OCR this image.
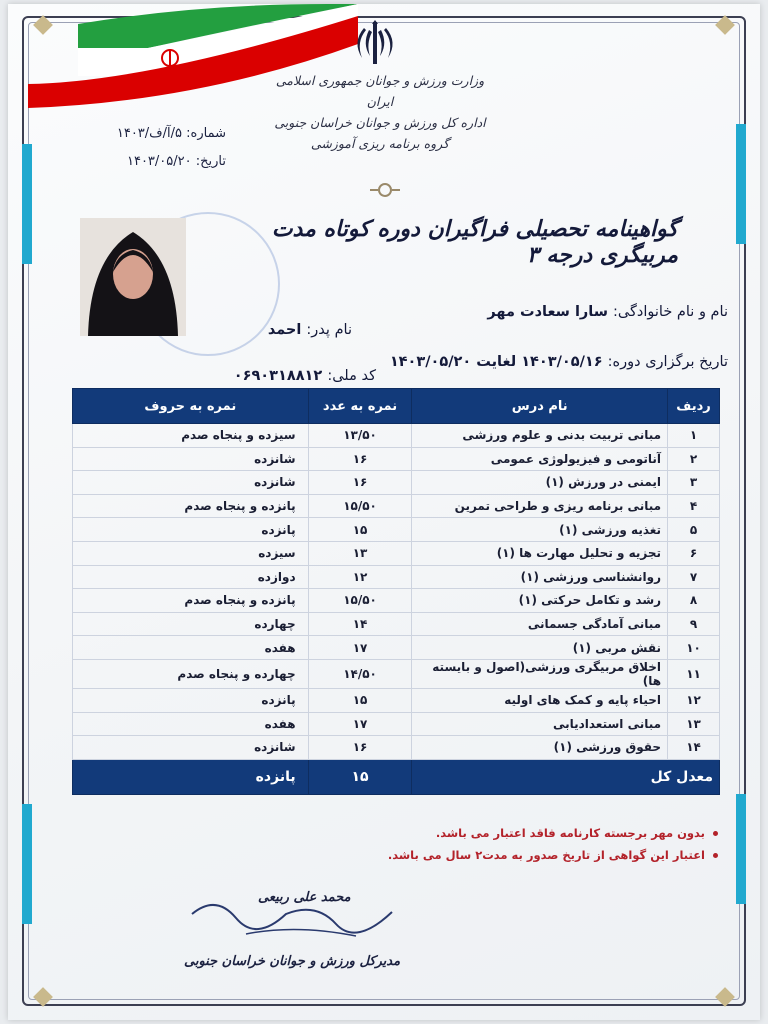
وزارت ورزش و جوانان جمهوری اسلامی ایران
اداره کل ورزش و جوانان خراسان جنوبی
گروه برنامه ریزی آموزشی
شماره: ۵/آ/ف/۱۴۰۳
تاریخ: ۱۴۰۳/۰۵/۲۰
گواهینامه تحصیلی فراگیران دوره کوتاه مدت مربیگری درجه ۳
نام و نام خانوادگی: سارا سعادت مهر
نام پدر: احمد
تاریخ برگزاری دوره: ۱۴۰۳/۰۵/۱۶ لغایت ۱۴۰۳/۰۵/۲۰
کد ملی: ۰۶۹۰۳۱۸۸۱۲
ردیف	نام درس	نمره به عدد	نمره به حروف
۱	مبانی تربیت بدنی و علوم ورزشی	۱۳/۵۰	سیزده و پنجاه صدم
۲	آناتومی و فیزیولوژی عمومی	۱۶	شانزده
۳	ایمنی در ورزش (۱)	۱۶	شانزده
۴	مبانی برنامه ریزی و طراحی تمرین	۱۵/۵۰	پانزده و پنجاه صدم
۵	تغذیه ورزشی (۱)	۱۵	پانزده
۶	تجزیه و تحلیل مهارت ها (۱)	۱۳	سیزده
۷	روانشناسی ورزشی (۱)	۱۲	دوازده
۸	رشد و تکامل حرکتی (۱)	۱۵/۵۰	پانزده و پنجاه صدم
۹	مبانی آمادگی جسمانی	۱۴	چهارده
۱۰	نقش مربی (۱)	۱۷	هفده
۱۱	اخلاق مربیگری ورزشی(اصول و بایسته ها)	۱۴/۵۰	چهارده و پنجاه صدم
۱۲	احیاء پایه و کمک های اولیه	۱۵	پانزده
۱۳	مبانی استعدادیابی	۱۷	هفده
۱۴	حقوق ورزشی (۱)	۱۶	شانزده
معدل کل		۱۵	پانزده
بدون مهر برجسته کارنامه فاقد اعتبار می باشد.
اعتبار این گواهی از تاریخ صدور به مدت۲ سال می باشد.
محمد علی ربیعی
مدیرکل ورزش و جوانان خراسان جنوبی
